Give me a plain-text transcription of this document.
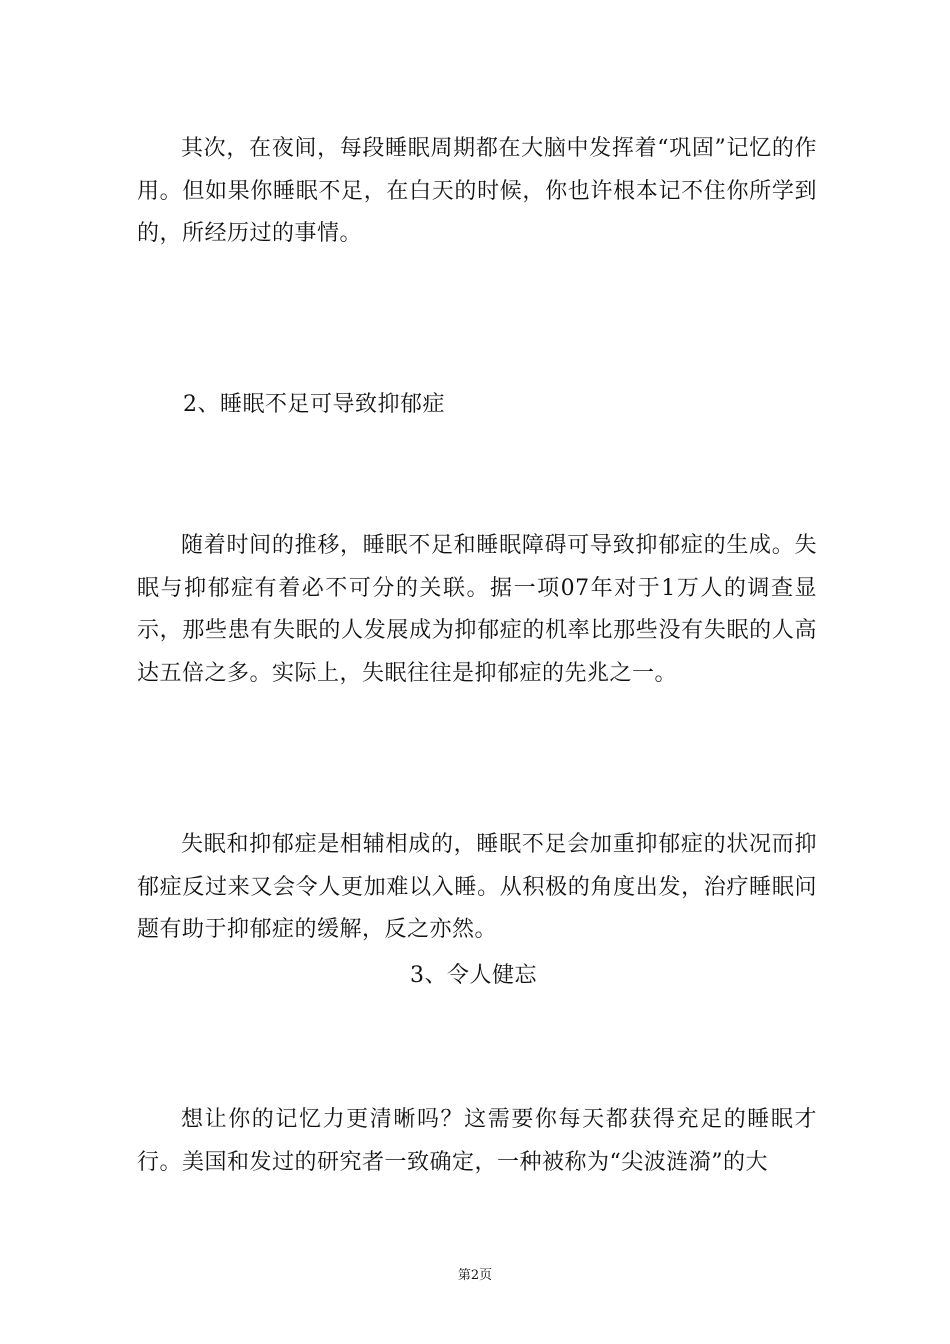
其次，在夜间，每段睡眠周期都在大脑中发挥着“巩固”记忆的作用。但如果你睡眠不足，在白天的时候，你也许根本记不住你所学到的，所经历过的事情。

2、睡眠不足可导致抑郁症

随着时间的推移，睡眠不足和睡眠障碍可导致抑郁症的生成。失眠与抑郁症有着必不可分的关联。据一项07年对于1万人的调查显示，那些患有失眠的人发展成为抑郁症的机率比那些没有失眠的人高达五倍之多。实际上，失眠往往是抑郁症的先兆之一。

失眠和抑郁症是相辅相成的，睡眠不足会加重抑郁症的状况而抑郁症反过来又会令人更加难以入睡。从积极的角度出发，治疗睡眠问题有助于抑郁症的缓解，反之亦然。

3、令人健忘

想让你的记忆力更清晰吗？这需要你每天都获得充足的睡眠才行。美国和发过的研究者一致确定，一种被称为“尖波涟漪”的大

第2页
